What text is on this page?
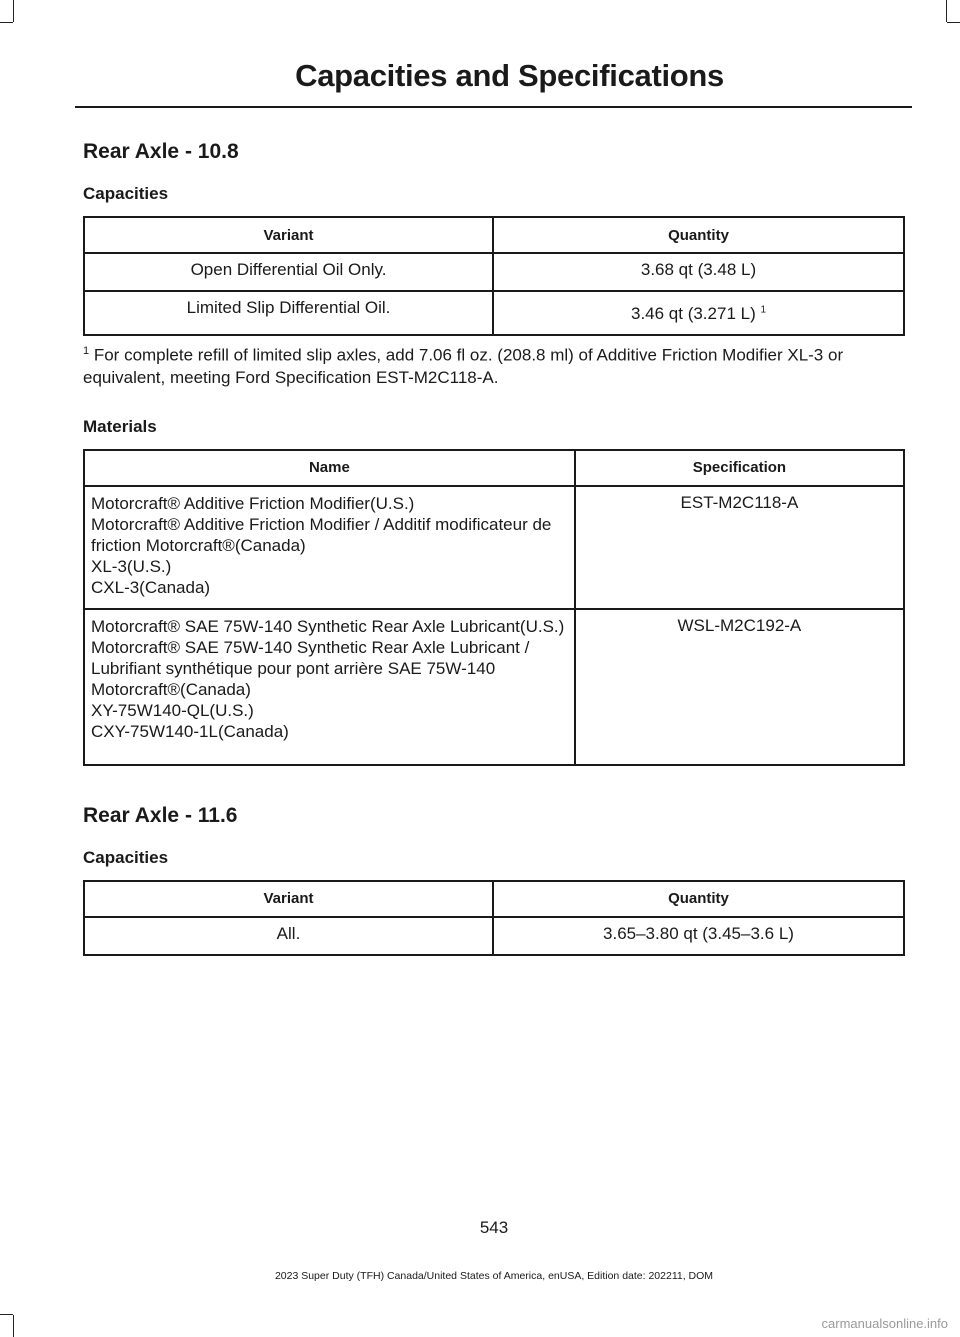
Capacities and Specifications
Rear Axle - 10.8
Capacities
Variant	Quantity
Open Differential Oil Only.	3.68 qt (3.48 L)
Limited Slip Differential Oil.	3.46 qt (3.271 L) $^1$

$^1$ For complete refill of limited slip axles, add 7.06 fl oz. (208.8 ml) of Additive Friction Modifier XL-3 or equivalent, meeting Ford Specification EST-M2C118-A.

Materials
Name	Specification

Motorcraft® Additive Friction Modifier(U.S.)
Motorcraft® Additive Friction Modifier / Additif modificateur de friction Motorcraft®(Canada)
XL-3(U.S.)
CXL-3(Canada)	EST-M2C118-A

Motorcraft® SAE 75W-140 Synthetic Rear Axle Lubricant(U.S.)
Motorcraft® SAE 75W-140 Synthetic Rear Axle Lubricant / Lubrifiant synthétique pour pont arrière SAE 75W-140 Motorcraft®(Canada)
XY-75W140-QL(U.S.)
CXY-75W140-1L(Canada)	WSL-M2C192-A
Rear Axle - 11.6
Capacities
Variant	Quantity
All.	3.65–3.80 qt (3.45–3.6 L)
543
2023 Super Duty (TFH) Canada/United States of America, enUSA, Edition date: 202211, DOM
carmanualsonline.info
